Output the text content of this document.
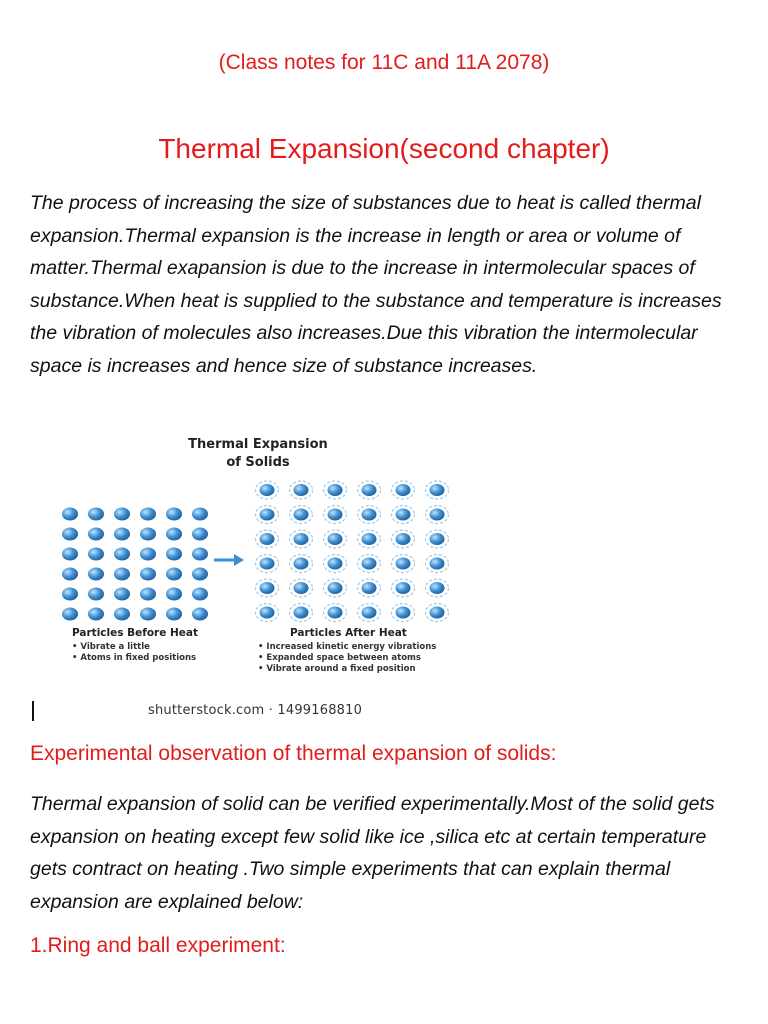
(Class notes for 11C and 11A 2078)
Thermal Expansion(second chapter)

The process of increasing the size of substances due to heat is called thermal expansion.Thermal expansion is the increase in length or area or volume of matter.Thermal exapansion is due to the increase in intermolecular spaces of substance.When heat is supplied to the substance and temperature is increases the vibration of molecules also increases.Due this vibration the intermolecular space is increases and hence size of substance increases.

Thermal Expansion
of Solids
Particles Before Heat
• Vibrate a little
• Atoms in fixed positions
Particles After Heat
• Increased kinetic energy vibrations
• Expanded space between atoms
• Vibrate around a fixed position
shutterstock.com · 1499168810
Experimental observation of thermal expansion of solids:

Thermal expansion of solid can be verified experimentally.Most of the solid gets expansion on heating except few solid like ice ,silica etc at certain temperature gets contract on heating .Two simple experiments that can explain thermal expansion are explained below:

1.Ring and ball experiment:
